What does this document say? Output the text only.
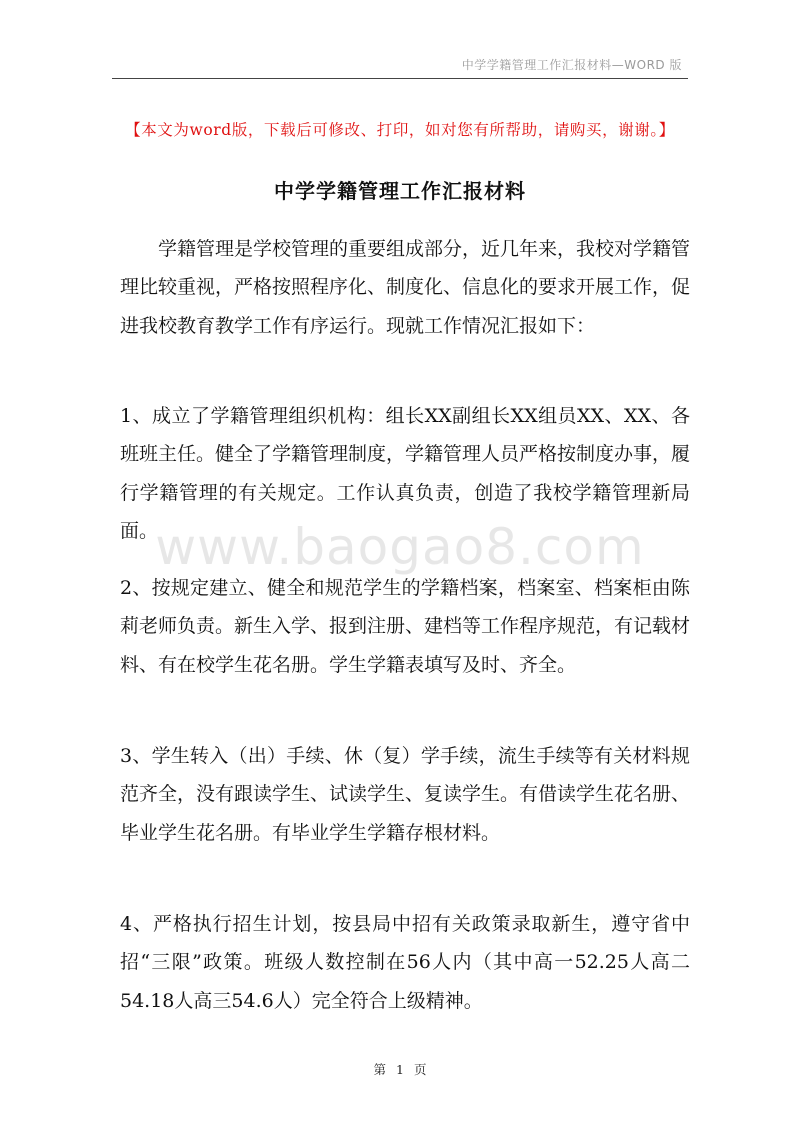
中学学籍管理工作汇报材料—WORD 版
【本文为word版，下载后可修改、打印，如对您有所帮助，请购买，谢谢。】
中学学籍管理工作汇报材料

学籍管理是学校管理的重要组成部分，近几年来，我校对学籍管理比较重视，严格按照程序化、制度化、信息化的要求开展工作，促进我校教育教学工作有序运行。现就工作情况汇报如下：

1、成立了学籍管理组织机构：组长XX副组长XX组员XX、XX、各班班主任。健全了学籍管理制度，学籍管理人员严格按制度办事，履行学籍管理的有关规定。工作认真负责，创造了我校学籍管理新局面。

2、按规定建立、健全和规范学生的学籍档案，档案室、档案柜由陈莉老师负责。新生入学、报到注册、建档等工作程序规范，有记载材料、有在校学生花名册。学生学籍表填写及时、齐全。

3、学生转入（出）手续、休（复）学手续，流生手续等有关材料规范齐全，没有跟读学生、试读学生、复读学生。有借读学生花名册、毕业学生花名册。有毕业学生学籍存根材料。

4、严格执行招生计划，按县局中招有关政策录取新生，遵守省中招“三限”政策。班级人数控制在56人内（其中高一52.25人高二54.18人高三54.6人）完全符合上级精神。

www.baogao8.com
第 1 页
